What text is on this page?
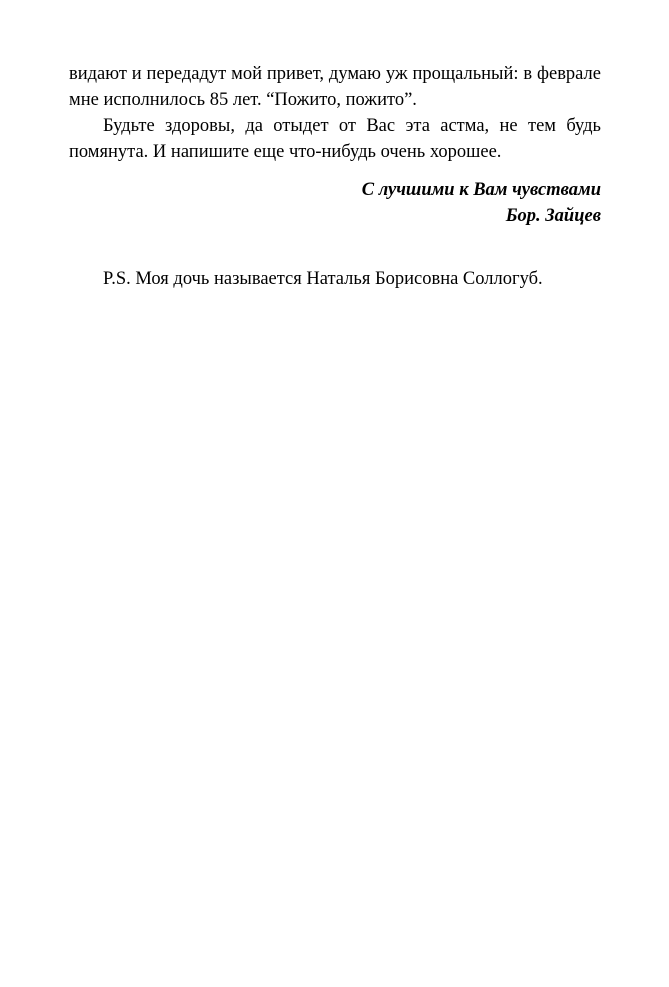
видают и передадут мой привет, думаю уж прощальный: в феврале мне исполнилось 85 лет. “Пожито, пожито”.

Будьте здоровы, да отыдет от Вас эта астма, не тем будь помянута. И напишите еще что-нибудь очень хорошее.

С лучшими к Вам чувствами
Бор. Зайцев
P.S. Моя дочь называется Наталья Борисовна Соллогуб.
